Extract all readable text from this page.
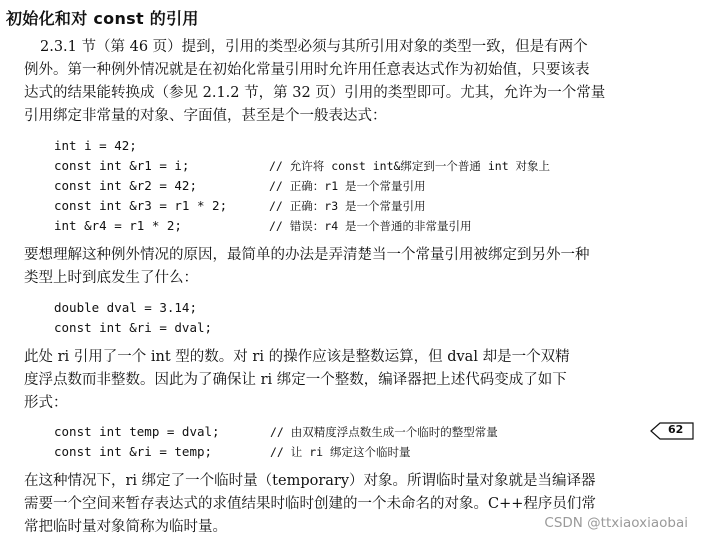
初始化和对 const 的引用

2.3.1 节（第 46 页）提到，引用的类型必须与其所引用对象的类型一致，但是有两个
例外。第一种例外情况就是在初始化常量引用时允许用任意表达式作为初始值，只要该表
达式的结果能转换成（参见 2.1.2 节，第 32 页）引用的类型即可。尤其，允许为一个常量
引用绑定非常量的对象、字面值，甚至是个一般表达式：

int i = 42;
const int &r1 = i;	// 允许将 const int&绑定到一个普通 int 对象上
const int &r2 = 42;	// 正确：r1 是一个常量引用
const int &r3 = r1 * 2;	// 正确：r3 是一个常量引用
int &r4 = r1 * 2;	// 错误：r4 是一个普通的非常量引用

要想理解这种例外情况的原因，最简单的办法是弄清楚当一个常量引用被绑定到另外一种
类型上时到底发生了什么：

double dval = 3.14;
const int &ri = dval;

此处 ri 引用了一个 int 型的数。对 ri 的操作应该是整数运算，但 dval 却是一个双精
度浮点数而非整数。因此为了确保让 ri 绑定一个整数，编译器把上述代码变成了如下
形式：

const int temp = dval;	// 由双精度浮点数生成一个临时的整型常量
const int &ri = temp;	// 让 ri 绑定这个临时量
62

在这种情况下，ri 绑定了一个临时量（temporary）对象。所谓临时量对象就是当编译器
需要一个空间来暂存表达式的求值结果时临时创建的一个未命名的对象。C++程序员们常
常把临时量对象简称为临时量。	CSDN @ttxiaoxiaobai
